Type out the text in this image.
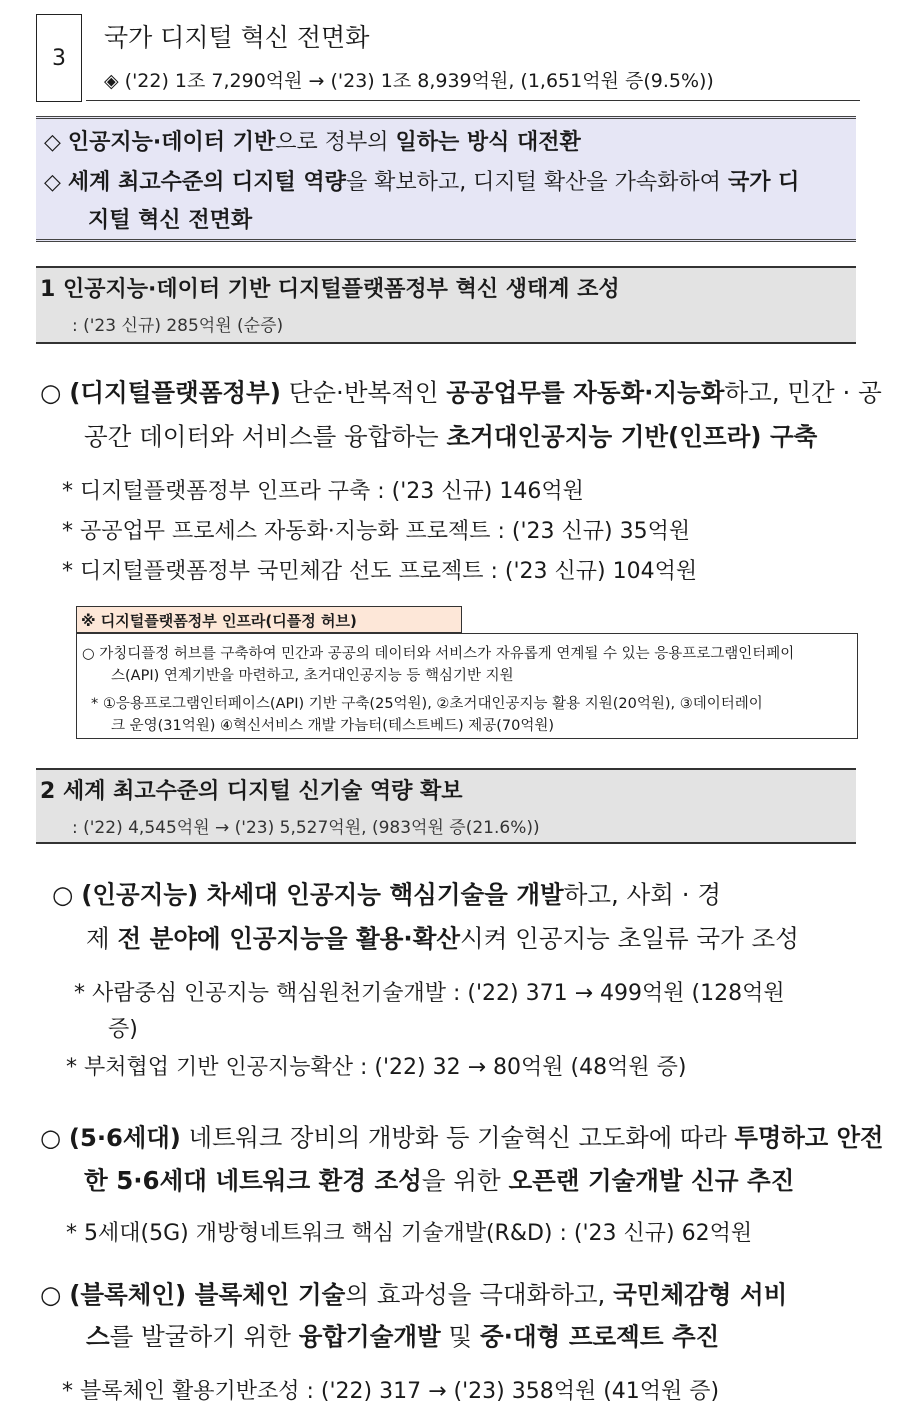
3
국가 디지털 혁신 전면화
◈ ('22) 1조 7,290억원 → ('23) 1조 8,939억원, (1,651억원 증(9.5%))
◇ 인공지능·데이터 기반으로 정부의 일하는 방식 대전환
◇ 세계 최고수준의 디지털 역량을 확보하고, 디지털 확산을 가속화하여 국가 디
지털 혁신 전면화
1 인공지능·데이터 기반 디지털플랫폼정부 혁신 생태계 조성
: ('23 신규) 285억원 (순증)
○ (디지털플랫폼정부) 단순·반복적인 공공업무를 자동화·지능화하고, 민간 · 공
공간 데이터와 서비스를 융합하는 초거대인공지능 기반(인프라) 구축
* 디지털플랫폼정부 인프라 구축 : ('23 신규) 146억원
* 공공업무 프로세스 자동화·지능화 프로젝트 : ('23 신규) 35억원
* 디지털플랫폼정부 국민체감 선도 프로젝트 : ('23 신규) 104억원
※ 디지털플랫폼정부 인프라(디플정 허브)
○ 가칭디플정 허브를 구축하여 민간과 공공의 데이터와 서비스가 자유롭게 연계될 수 있는 응용프로그램인터페이
스(API) 연계기반을 마련하고, 초거대인공지능 등 핵심기반 지원
* ①응용프로그램인터페이스(API) 기반 구축(25억원), ②초거대인공지능 활용 지원(20억원), ③데이터레이
크 운영(31억원) ④혁신서비스 개발 가늠터(테스트베드) 제공(70억원)
2 세계 최고수준의 디지털 신기술 역량 확보
: ('22) 4,545억원 → ('23) 5,527억원, (983억원 증(21.6%))
○ (인공지능) 차세대 인공지능 핵심기술을 개발하고, 사회 · 경
제 전 분야에 인공지능을 활용·확산시켜 인공지능 초일류 국가 조성
* 사람중심 인공지능 핵심원천기술개발 : ('22) 371 → 499억원 (128억원
증)
* 부처협업 기반 인공지능확산 : ('22) 32 → 80억원 (48억원 증)
○ (5·6세대) 네트워크 장비의 개방화 등 기술혁신 고도화에 따라 투명하고 안전
한 5·6세대 네트워크 환경 조성을 위한 오픈랜 기술개발 신규 추진
* 5세대(5G) 개방형네트워크 핵심 기술개발(R&D) : ('23 신규) 62억원
○ (블록체인) 블록체인 기술의 효과성을 극대화하고, 국민체감형 서비
스를 발굴하기 위한 융합기술개발 및 중·대형 프로젝트 추진
* 블록체인 활용기반조성 : ('22) 317 → ('23) 358억원 (41억원 증)
